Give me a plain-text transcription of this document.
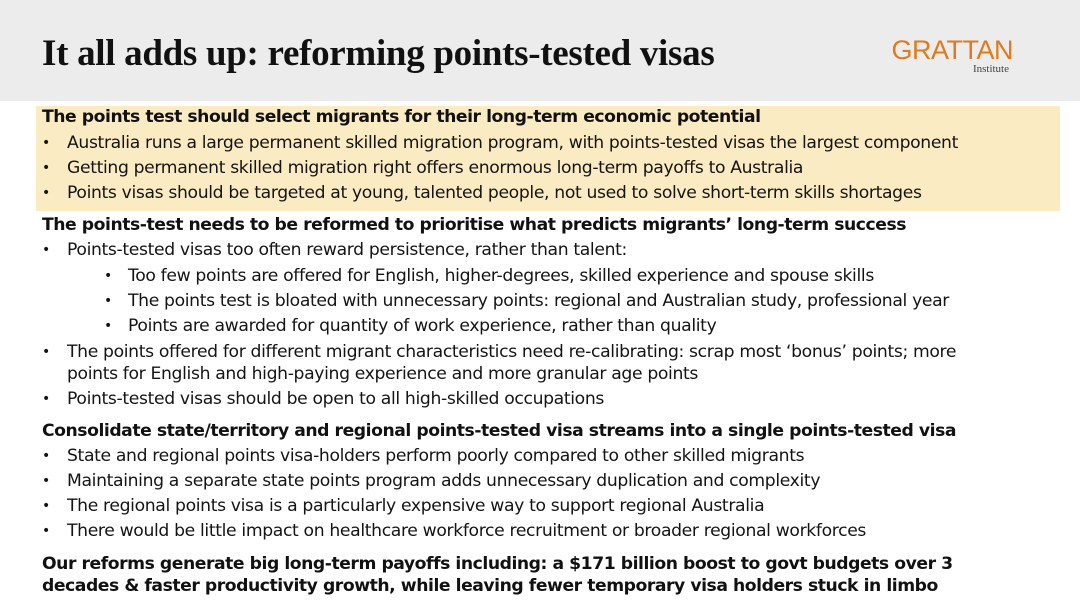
It all adds up: reforming points-tested visas	GRATTAN
Institute
The points test should select migrants for their long-term economic potential
• Australia runs a large permanent skilled migration program, with points-tested visas the largest component
• Getting permanent skilled migration right offers enormous long-term payoffs to Australia
• Points visas should be targeted at young, talented people, not used to solve short-term skills shortages
The points-test needs to be reformed to prioritise what predicts migrants’ long-term success
• Points-tested visas too often reward persistence, rather than talent:
• Too few points are offered for English, higher-degrees, skilled experience and spouse skills
• The points test is bloated with unnecessary points: regional and Australian study, professional year
• Points are awarded for quantity of work experience, rather than quality
• The points offered for different migrant characteristics need re-calibrating: scrap most ‘bonus’ points; more
points for English and high-paying experience and more granular age points
• Points-tested visas should be open to all high-skilled occupations
Consolidate state/territory and regional points-tested visa streams into a single points-tested visa
• State and regional points visa-holders perform poorly compared to other skilled migrants
• Maintaining a separate state points program adds unnecessary duplication and complexity
• The regional points visa is a particularly expensive way to support regional Australia
• There would be little impact on healthcare workforce recruitment or broader regional workforces
Our reforms generate big long-term payoffs including: a $171 billion boost to govt budgets over 3
decades & faster productivity growth, while leaving fewer temporary visa holders stuck in limbo
